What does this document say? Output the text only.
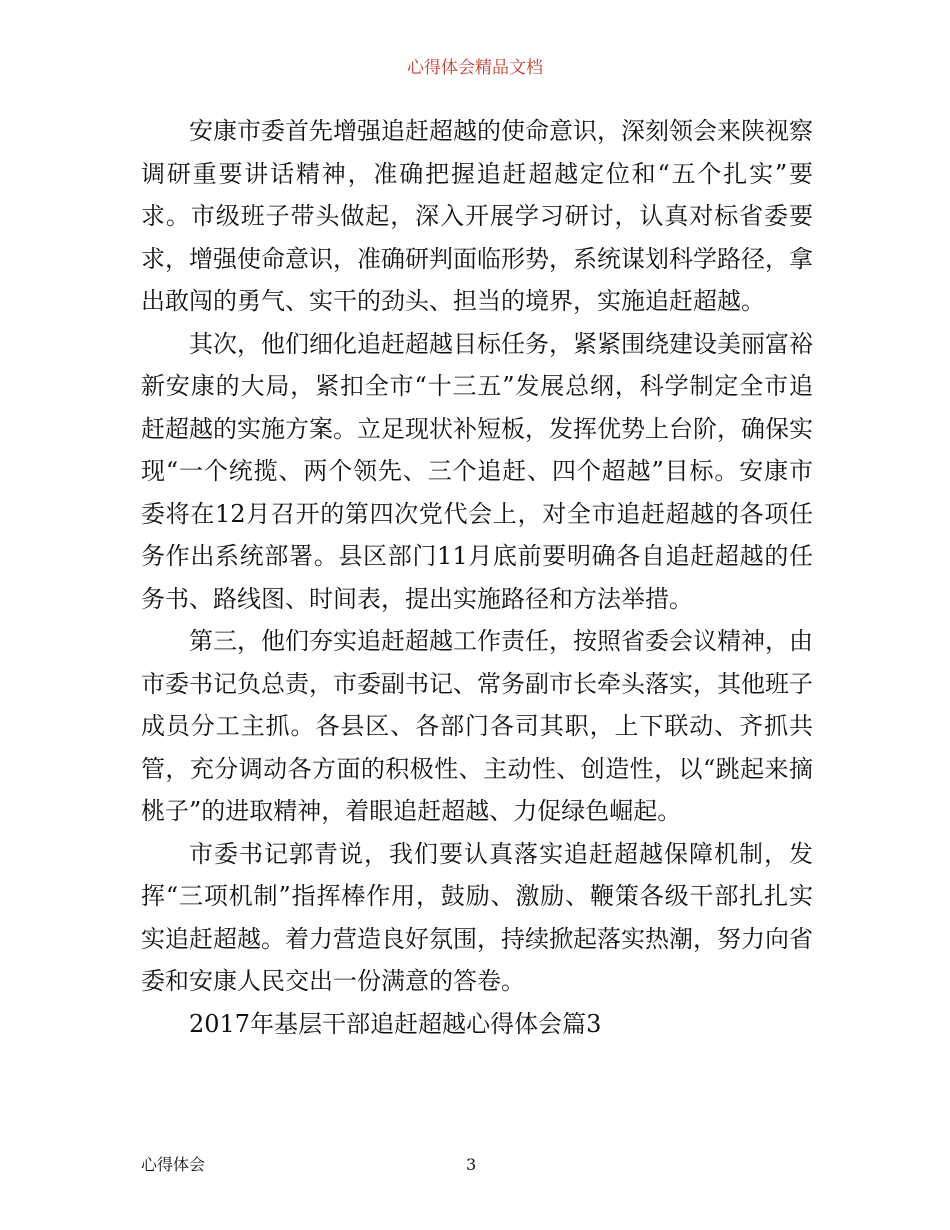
心得体会精品文档

安康市委首先增强追赶超越的使命意识，深刻领会来陕视察调研重要讲话精神，准确把握追赶超越定位和“五个扎实”要求。市级班子带头做起，深入开展学习研讨，认真对标省委要求，增强使命意识，准确研判面临形势，系统谋划科学路径，拿出敢闯的勇气、实干的劲头、担当的境界，实施追赶超越。

其次，他们细化追赶超越目标任务，紧紧围绕建设美丽富裕新安康的大局，紧扣全市“十三五”发展总纲，科学制定全市追赶超越的实施方案。立足现状补短板，发挥优势上台阶，确保实现“一个统揽、两个领先、三个追赶、四个超越”目标。安康市委将在12月召开的第四次党代会上，对全市追赶超越的各项任务作出系统部署。县区部门11月底前要明确各自追赶超越的任务书、路线图、时间表，提出实施路径和方法举措。

第三，他们夯实追赶超越工作责任，按照省委会议精神，由市委书记负总责，市委副书记、常务副市长牵头落实，其他班子成员分工主抓。各县区、各部门各司其职，上下联动、齐抓共管，充分调动各方面的积极性、主动性、创造性，以“跳起来摘桃子”的进取精神，着眼追赶超越、力促绿色崛起。

市委书记郭青说，我们要认真落实追赶超越保障机制，发挥“三项机制”指挥棒作用，鼓励、激励、鞭策各级干部扎扎实实追赶超越。着力营造良好氛围，持续掀起落实热潮，努力向省委和安康人民交出一份满意的答卷。

2017年基层干部追赶超越心得体会篇3

心得体会	3
